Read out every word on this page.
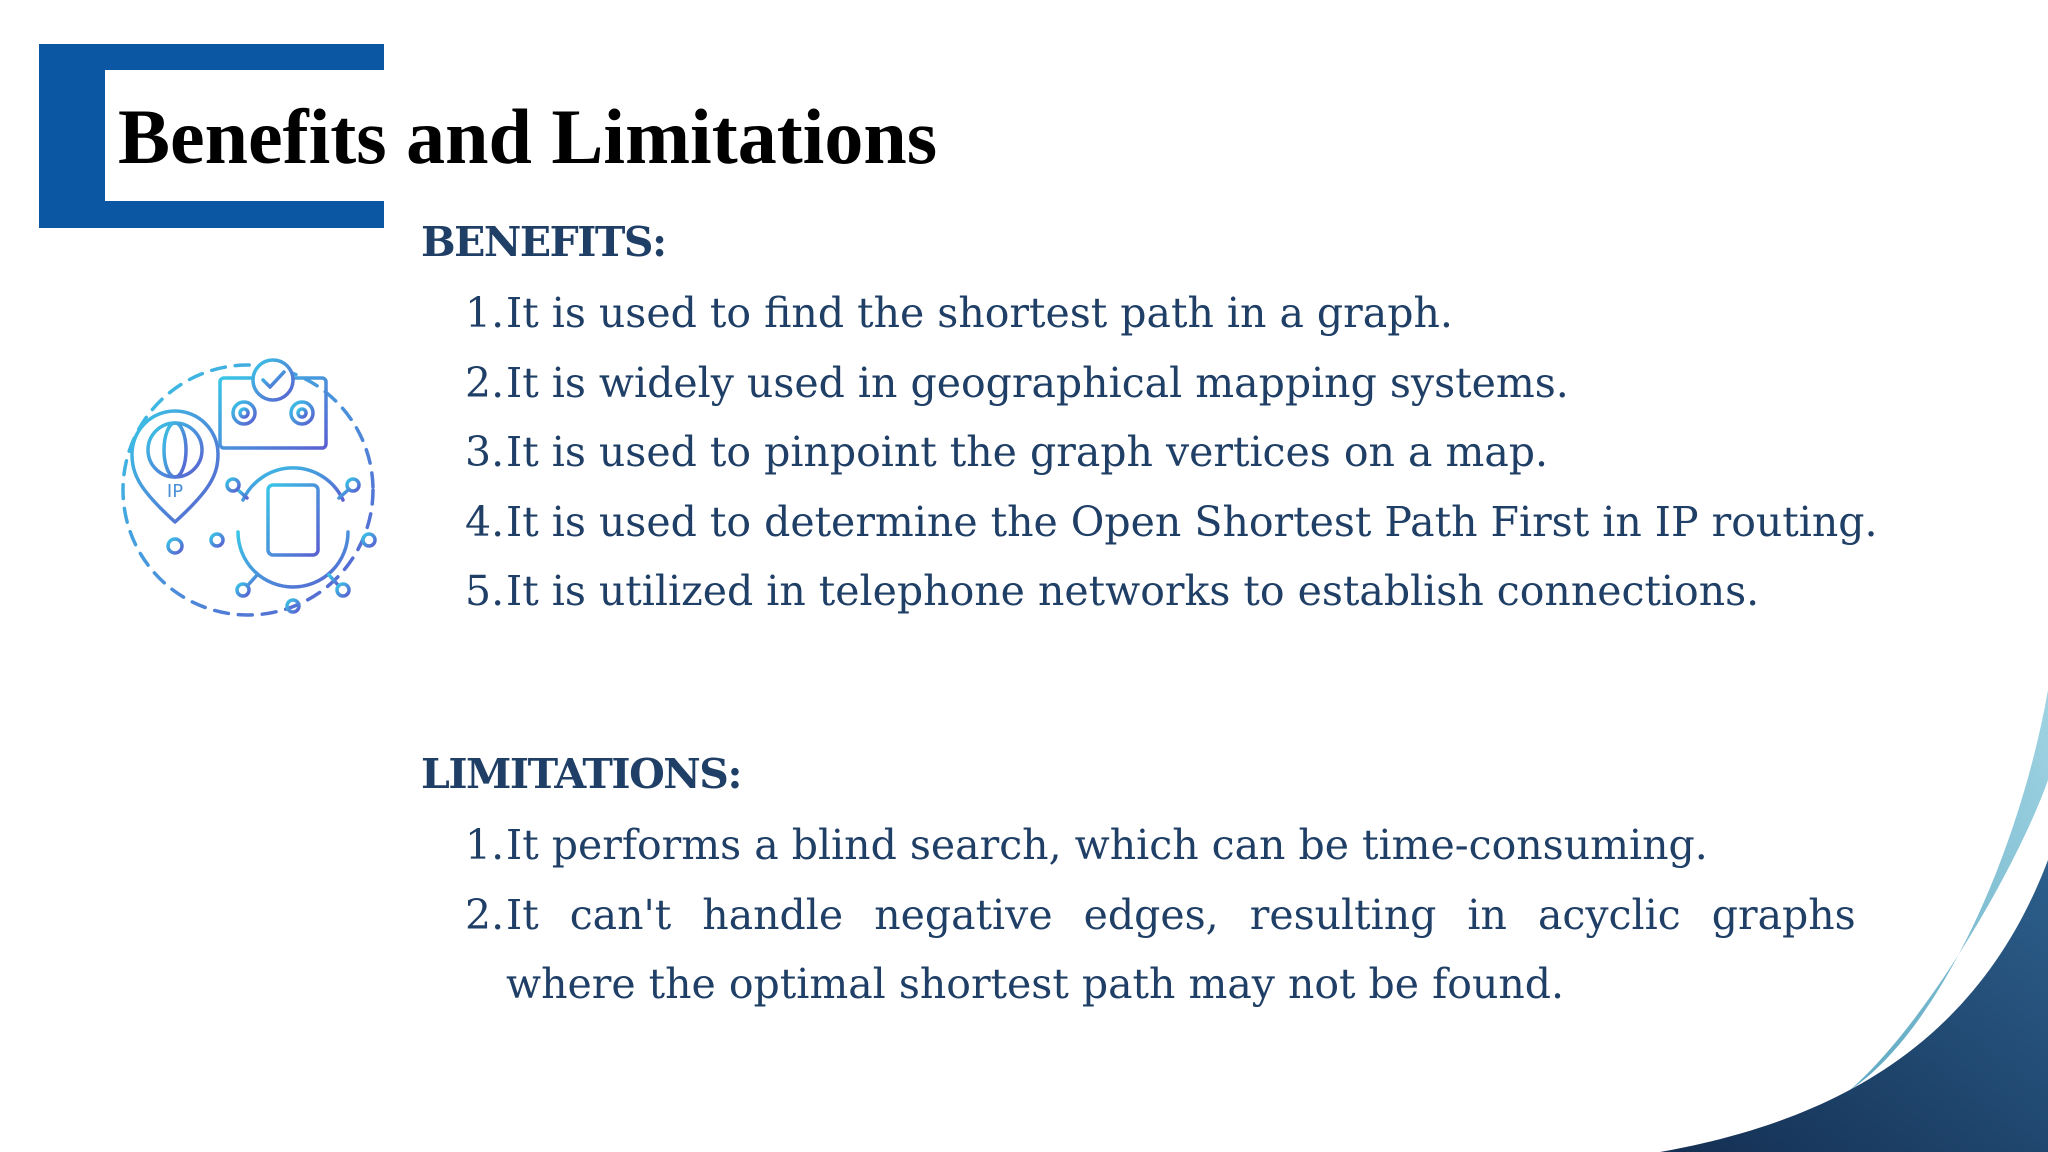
Benefits and Limitations
IP
BENEFITS:
1. It is used to find the shortest path in a graph.
2. It is widely used in geographical mapping systems.
3. It is used to pinpoint the graph vertices on a map.
4. It is used to determine the Open Shortest Path First in IP routing.
5. It is utilized in telephone networks to establish connections.
LIMITATIONS:
1. It performs a blind search, which can be time-consuming.
2. It can't handle negative edges, resulting in acyclic graphs
where the optimal shortest path may not be found.
